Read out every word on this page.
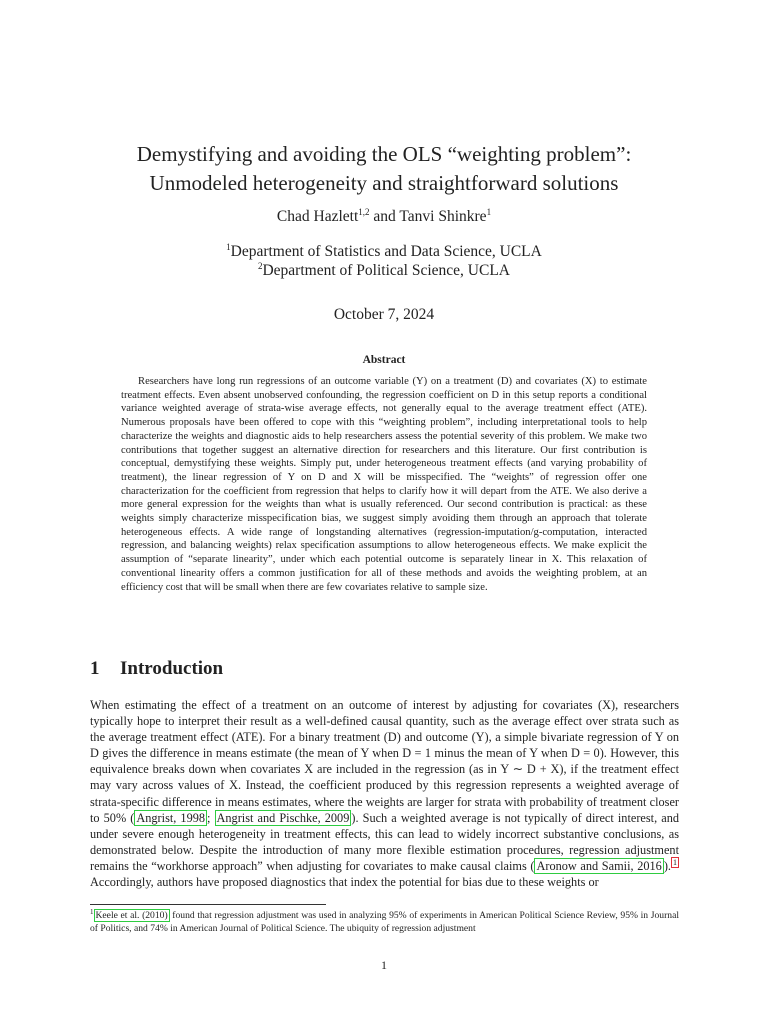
Demystifying and avoiding the OLS “weighting problem”:
Unmodeled heterogeneity and straightforward solutions
Chad Hazlett$^{1,2}$ and Tanvi Shinkre$^1$
$^1$Department of Statistics and Data Science, UCLA
$^2$Department of Political Science, UCLA
October 7, 2024
Abstract
Researchers have long run regressions of an outcome variable (Y) on a treatment (D) and covariates (X) to estimate treatment effects. Even absent unobserved confounding, the regression coefficient on D in this setup reports a conditional variance weighted average of strata-wise average effects, not generally equal to the average treatment effect (ATE). Numerous proposals have been offered to cope with this “weighting problem”, including interpretational tools to help characterize the weights and diagnostic aids to help researchers assess the potential severity of this problem. We make two contributions that together suggest an alternative direction for researchers and this literature. Our first contribution is conceptual, demystifying these weights. Simply put, under heterogeneous treatment effects (and varying probability of treatment), the linear regression of Y on D and X will be misspecified. The “weights” of regression offer one characterization for the coefficient from regression that helps to clarify how it will depart from the ATE. We also derive a more general expression for the weights than what is usually referenced. Our second contribution is practical: as these weights simply characterize misspecification bias, we suggest simply avoiding them through an approach that tolerate heterogeneous effects. A wide range of longstanding alternatives (regression-imputation/g-computation, interacted regression, and balancing weights) relax specification assumptions to allow heterogeneous effects. We make explicit the assumption of “separate linearity”, under which each potential outcome is separately linear in X. This relaxation of conventional linearity offers a common justification for all of these methods and avoids the weighting problem, at an efficiency cost that will be small when there are few covariates relative to sample size.
1 Introduction
When estimating the effect of a treatment on an outcome of interest by adjusting for covariates (X), researchers typically hope to interpret their result as a well-defined causal quantity, such as the average effect over strata such as the average treatment effect (ATE). For a binary treatment (D) and outcome (Y), a simple bivariate regression of Y on D gives the difference in means estimate (the mean of Y when D = 1 minus the mean of Y when D = 0). However, this equivalence breaks down when covariates X are included in the regression (as in Y ∼ D + X), if the treatment effect may vary across values of X. Instead, the coefficient produced by this regression represents a weighted average of strata-specific difference in means estimates, where the weights are larger for strata with probability of treatment closer to 50% ( Angrist, 1998 ; Angrist and Pischke, 2009 ). Such a weighted average is not typically of direct interest, and under severe enough heterogeneity in treatment effects, this can lead to widely incorrect substantive conclusions, as demonstrated below. Despite the introduction of many more flexible estimation procedures, regression adjustment remains the “workhorse approach” when adjusting for covariates to make causal claims ( Aronow and Samii, 2016 ). $^1$ Accordingly, authors have proposed diagnostics that index the potential for bias due to these weights or
$^1$ Keele et al. (2010) found that regression adjustment was used in analyzing 95% of experiments in American Political Science Review, 95% in Journal of Politics, and 74% in American Journal of Political Science. The ubiquity of regression adjustment
1
